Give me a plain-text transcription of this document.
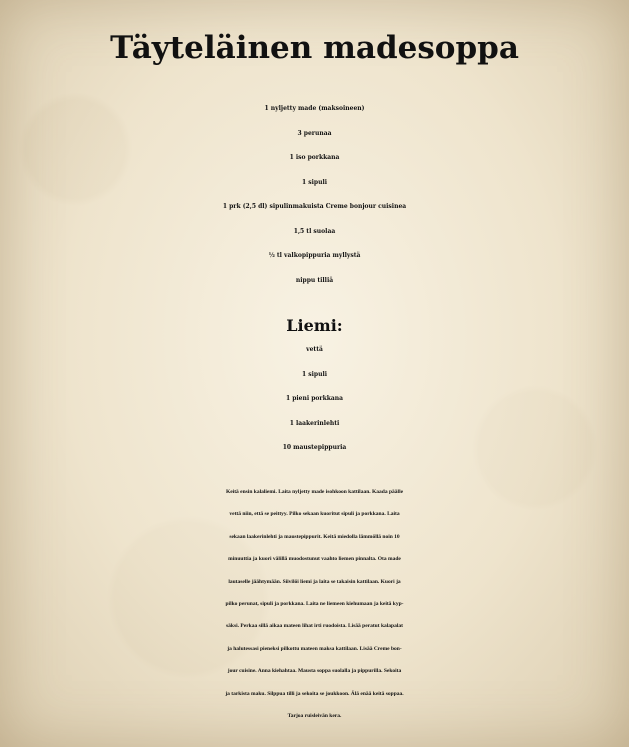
Täyteläinen madesoppa
1 nyljetty made (maksoineen)
3 perunaa
1 iso porkkana
1 sipuli
1 prk (2,5 dl) sipulinmakuista Creme bonjour cuisinea
1,5 tl suolaa
½ tl valkopippuria myllystä
nippu tilliä
Liemi:
vettä
1 sipuli
1 pieni porkkana
1 laakerinlehti
10 maustepippuria
Keitä ensin kalaliemi. Laita nyljetty made isohkoon kattilaan. Kaada päälle
vettä niin, että se peittyy. Pilko sekaan kuoritut sipuli ja porkkana. Laita
sekaan laakerinlehti ja maustepippurit. Keitä miedolla lämmöllä noin 10
minuuttia ja kuori välillä muodostunut vaahto liemen pinnalta. Ota made
lautaselle jäähtymään. Siivilöi liemi ja laita se takaisin kattilaan. Kuori ja
pilko perunat, sipuli ja porkkana. Laita ne liemeen kiehumaan ja keitä kyp-
säksi. Perkaa sillä aikaa mateen lihat irti ruodoista. Lisää peratut kalapalat
ja halutessasi pieneksi pilkottu mateen maksa kattilaan. Lisää Creme bon-
jour cuisine. Anna kiehahtaa. Mausta soppa suolalla ja pippurilla. Sekoita
ja tarkista maku. Silppua tilli ja sekoita se joukkoon. Älä enää keitä soppaa.
Tarjoa ruisleivän kera.
